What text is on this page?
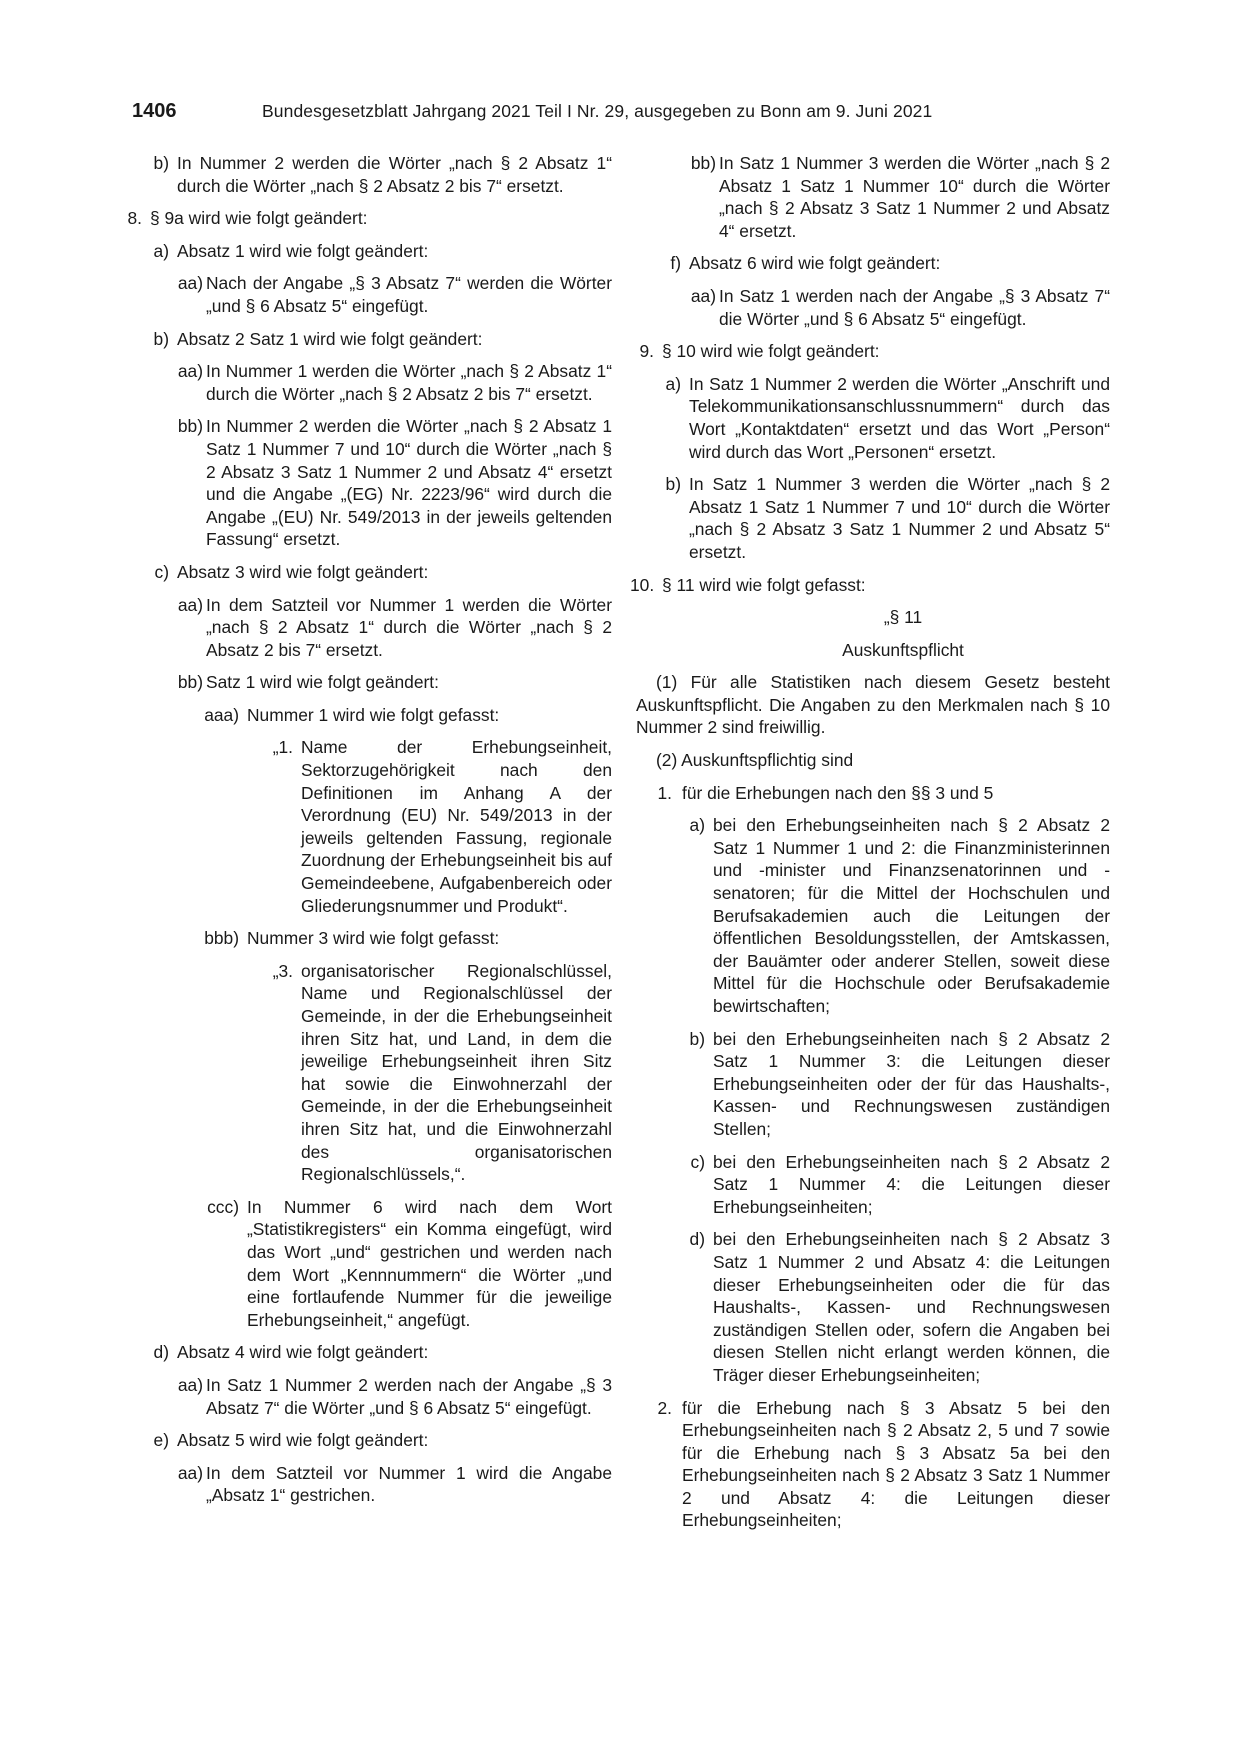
1406	Bundesgesetzblatt Jahrgang 2021 Teil I Nr. 29, ausgegeben zu Bonn am 9. Juni 2021
b) In Nummer 2 werden die Wörter „nach § 2 Absatz 1“ durch die Wörter „nach § 2 Absatz 2 bis 7“ ersetzt.
8. § 9a wird wie folgt geändert:
a) Absatz 1 wird wie folgt geändert:
aa) Nach der Angabe „§ 3 Absatz 7“ werden die Wörter „und § 6 Absatz 5“ eingefügt.
b) Absatz 2 Satz 1 wird wie folgt geändert:
aa) In Nummer 1 werden die Wörter „nach § 2 Absatz 1“ durch die Wörter „nach § 2 Absatz 2 bis 7“ ersetzt.
bb) In Nummer 2 werden die Wörter „nach § 2 Absatz 1 Satz 1 Nummer 7 und 10“ durch die Wörter „nach § 2 Absatz 3 Satz 1 Nummer 2 und Absatz 4“ ersetzt und die Angabe „(EG) Nr. 2223/96“ wird durch die Angabe „(EU) Nr. 549/2013 in der jeweils geltenden Fassung“ ersetzt.
c) Absatz 3 wird wie folgt geändert:
aa) In dem Satzteil vor Nummer 1 werden die Wörter „nach § 2 Absatz 1“ durch die Wörter „nach § 2 Absatz 2 bis 7“ ersetzt.
bb) Satz 1 wird wie folgt geändert:
aaa) Nummer 1 wird wie folgt gefasst:
„1. Name der Erhebungseinheit, Sektorzugehörigkeit nach den Definitionen im Anhang A der Verordnung (EU) Nr. 549/2013 in der jeweils geltenden Fassung, regionale Zuordnung der Erhebungseinheit bis auf Gemeindeebene, Aufgabenbereich oder Gliederungsnummer und Produkt“.
bbb) Nummer 3 wird wie folgt gefasst:
„3. organisatorischer Regionalschlüssel, Name und Regionalschlüssel der Gemeinde, in der die Erhebungseinheit ihren Sitz hat, und Land, in dem die jeweilige Erhebungseinheit ihren Sitz hat sowie die Einwohnerzahl der Gemeinde, in der die Erhebungseinheit ihren Sitz hat, und die Einwohnerzahl des organisatorischen Regionalschlüssels,“.
ccc) In Nummer 6 wird nach dem Wort „Statistikregisters“ ein Komma eingefügt, wird das Wort „und“ gestrichen und werden nach dem Wort „Kennnummern“ die Wörter „und eine fortlaufende Nummer für die jeweilige Erhebungseinheit,“ angefügt.
d) Absatz 4 wird wie folgt geändert:
aa) In Satz 1 Nummer 2 werden nach der Angabe „§ 3 Absatz 7“ die Wörter „und § 6 Absatz 5“ eingefügt.
e) Absatz 5 wird wie folgt geändert:
aa) In dem Satzteil vor Nummer 1 wird die Angabe „Absatz 1“ gestrichen.
bb) In Satz 1 Nummer 3 werden die Wörter „nach § 2 Absatz 1 Satz 1 Nummer 10“ durch die Wörter „nach § 2 Absatz 3 Satz 1 Nummer 2 und Absatz 4“ ersetzt.
f) Absatz 6 wird wie folgt geändert:
aa) In Satz 1 werden nach der Angabe „§ 3 Absatz 7“ die Wörter „und § 6 Absatz 5“ eingefügt.
9. § 10 wird wie folgt geändert:
a) In Satz 1 Nummer 2 werden die Wörter „Anschrift und Telekommunikationsanschlussnummern“ durch das Wort „Kontaktdaten“ ersetzt und das Wort „Person“ wird durch das Wort „Personen“ ersetzt.
b) In Satz 1 Nummer 3 werden die Wörter „nach § 2 Absatz 1 Satz 1 Nummer 7 und 10“ durch die Wörter „nach § 2 Absatz 3 Satz 1 Nummer 2 und Absatz 5“ ersetzt.
10. § 11 wird wie folgt gefasst:
„§ 11
Auskunftspflicht
(1) Für alle Statistiken nach diesem Gesetz besteht Auskunftspflicht. Die Angaben zu den Merkmalen nach § 10 Nummer 2 sind freiwillig.
(2) Auskunftspflichtig sind
1. für die Erhebungen nach den §§ 3 und 5
a) bei den Erhebungseinheiten nach § 2 Absatz 2 Satz 1 Nummer 1 und 2: die Finanzministerinnen und -minister und Finanzsenatorinnen und -senatoren; für die Mittel der Hochschulen und Berufsakademien auch die Leitungen der öffentlichen Besoldungsstellen, der Amtskassen, der Bauämter oder anderer Stellen, soweit diese Mittel für die Hochschule oder Berufsakademie bewirtschaften;
b) bei den Erhebungseinheiten nach § 2 Absatz 2 Satz 1 Nummer 3: die Leitungen dieser Erhebungseinheiten oder der für das Haushalts-, Kassen- und Rechnungswesen zuständigen Stellen;
c) bei den Erhebungseinheiten nach § 2 Absatz 2 Satz 1 Nummer 4: die Leitungen dieser Erhebungseinheiten;
d) bei den Erhebungseinheiten nach § 2 Absatz 3 Satz 1 Nummer 2 und Absatz 4: die Leitungen dieser Erhebungseinheiten oder die für das Haushalts-, Kassen- und Rechnungswesen zuständigen Stellen oder, sofern die Angaben bei diesen Stellen nicht erlangt werden können, die Träger dieser Erhebungseinheiten;
2. für die Erhebung nach § 3 Absatz 5 bei den Erhebungseinheiten nach § 2 Absatz 2, 5 und 7 sowie für die Erhebung nach § 3 Absatz 5a bei den Erhebungseinheiten nach § 2 Absatz 3 Satz 1 Nummer 2 und Absatz 4: die Leitungen dieser Erhebungseinheiten;
